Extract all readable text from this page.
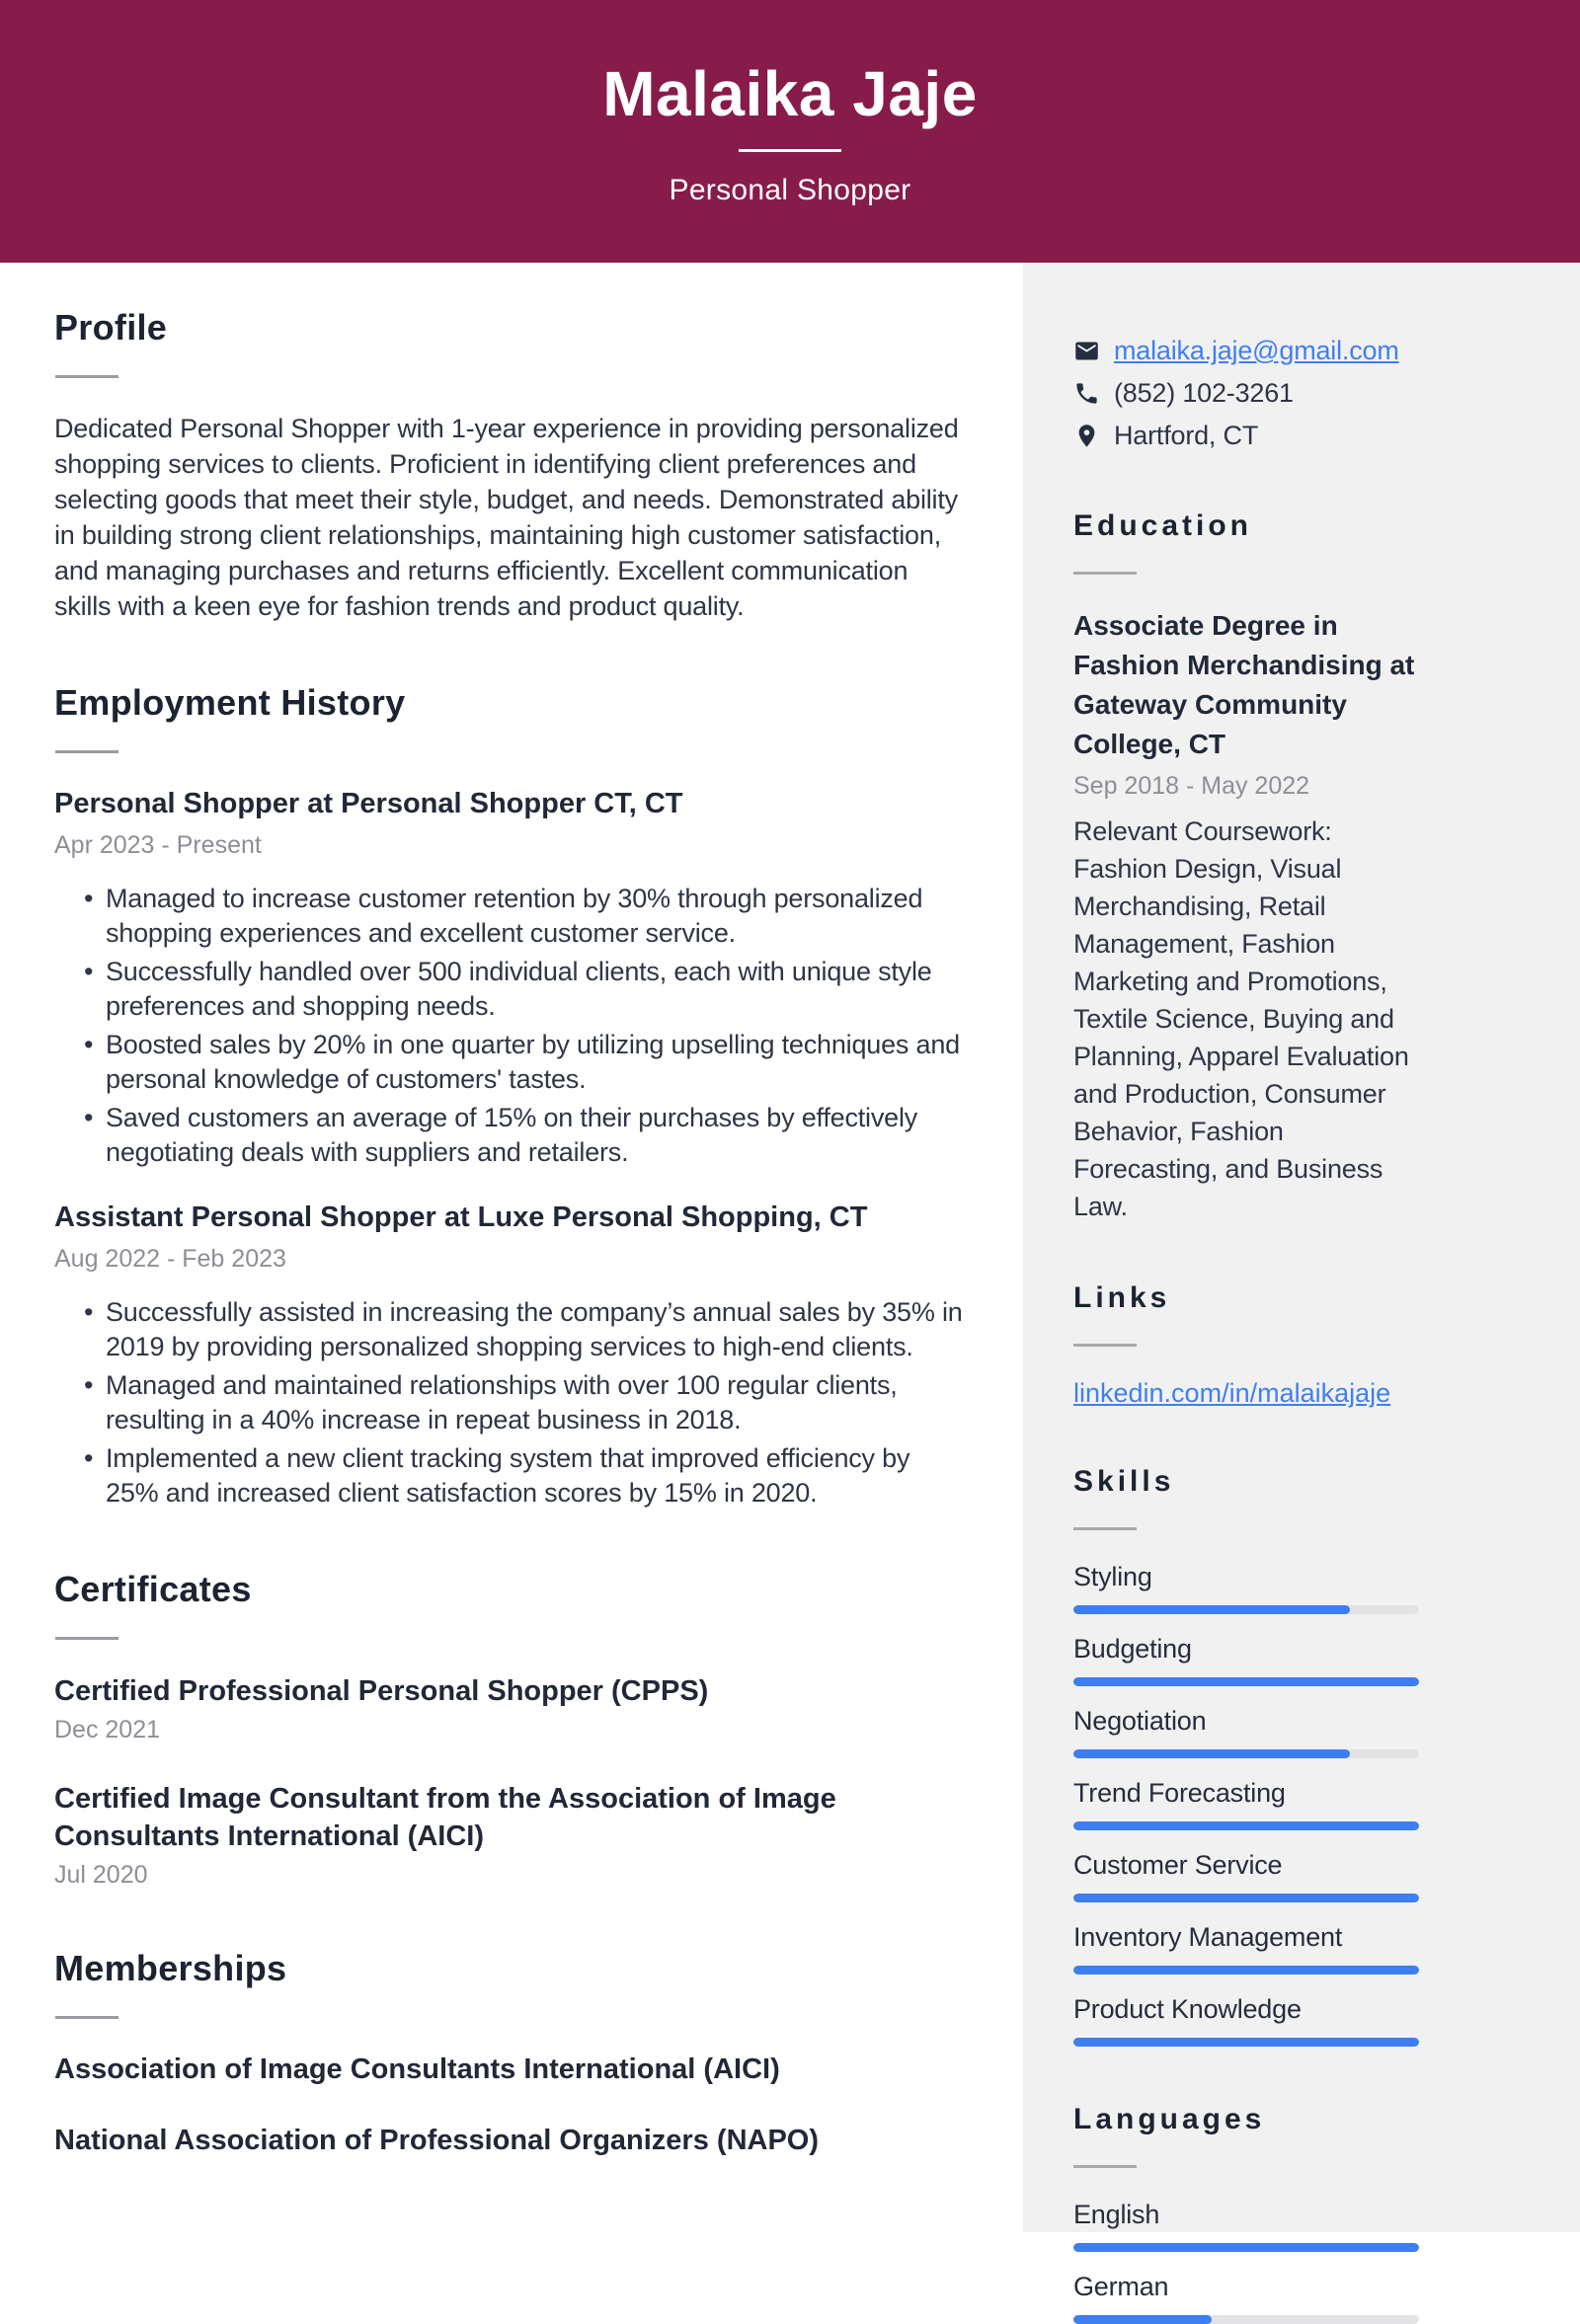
Malaika Jaje
Personal Shopper
Profile
Dedicated Personal Shopper with 1-year experience in providing personalized shopping services to clients. Proficient in identifying client preferences and selecting goods that meet their style, budget, and needs. Demonstrated ability in building strong client relationships, maintaining high customer satisfaction, and managing purchases and returns efficiently. Excellent communication skills with a keen eye for fashion trends and product quality.
Employment History
Personal Shopper at Personal Shopper CT, CT
Apr 2023 - Present
• Managed to increase customer retention by 30% through personalized shopping experiences and excellent customer service.
• Successfully handled over 500 individual clients, each with unique style preferences and shopping needs.
• Boosted sales by 20% in one quarter by utilizing upselling techniques and personal knowledge of customers' tastes.
• Saved customers an average of 15% on their purchases by effectively negotiating deals with suppliers and retailers.
Assistant Personal Shopper at Luxe Personal Shopping, CT
Aug 2022 - Feb 2023
• Successfully assisted in increasing the company’s annual sales by 35% in 2019 by providing personalized shopping services to high-end clients.
• Managed and maintained relationships with over 100 regular clients, resulting in a 40% increase in repeat business in 2018.
• Implemented a new client tracking system that improved efficiency by 25% and increased client satisfaction scores by 15% in 2020.
Certificates
Certified Professional Personal Shopper (CPPS)
Dec 2021
Certified Image Consultant from the Association of Image Consultants International (AICI)
Jul 2020
Memberships
Association of Image Consultants International (AICI)
National Association of Professional Organizers (NAPO)
malaika.jaje@gmail.com
(852) 102-3261
Hartford, CT
Education
Associate Degree in Fashion Merchandising at Gateway Community College, CT
Sep 2018 - May 2022
Relevant Coursework: Fashion Design, Visual Merchandising, Retail Management, Fashion Marketing and Promotions, Textile Science, Buying and Planning, Apparel Evaluation and Production, Consumer Behavior, Fashion Forecasting, and Business Law.
Links
linkedin.com/in/malaikajaje
Skills
Styling
Budgeting
Negotiation
Trend Forecasting
Customer Service
Inventory Management
Product Knowledge
Languages
English
German
